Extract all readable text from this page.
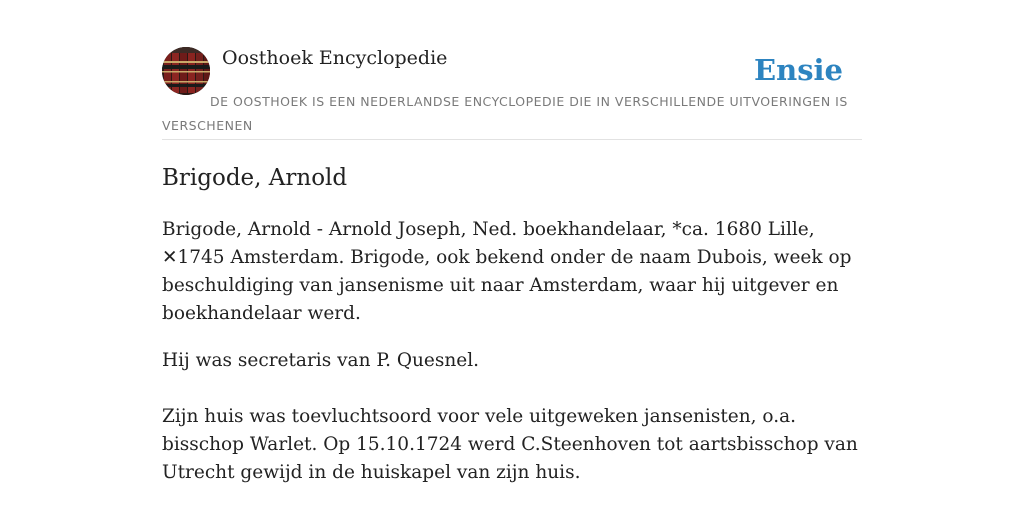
Oosthoek Encyclopedie	Ensie
DE OOSTHOEK IS EEN NEDERLANDSE ENCYCLOPEDIE DIE IN VERSCHILLENDE UITVOERINGEN IS VERSCHENEN
Brigode, Arnold

Brigode, Arnold - Arnold Joseph, Ned. boekhandelaar, *ca. 1680 Lille, ✕1745 Amsterdam. Brigode, ook bekend onder de naam Dubois, week op beschuldiging van jansenisme uit naar Amsterdam, waar hij uitgever en boekhandelaar werd.

Hij was secretaris van P. Quesnel.

Zijn huis was toevluchtsoord voor vele uitgeweken jansenisten, o.a. bisschop Warlet. Op 15.10.1724 werd C.Steenhoven tot aartsbisschop van Utrecht gewijd in de huiskapel van zijn huis.
